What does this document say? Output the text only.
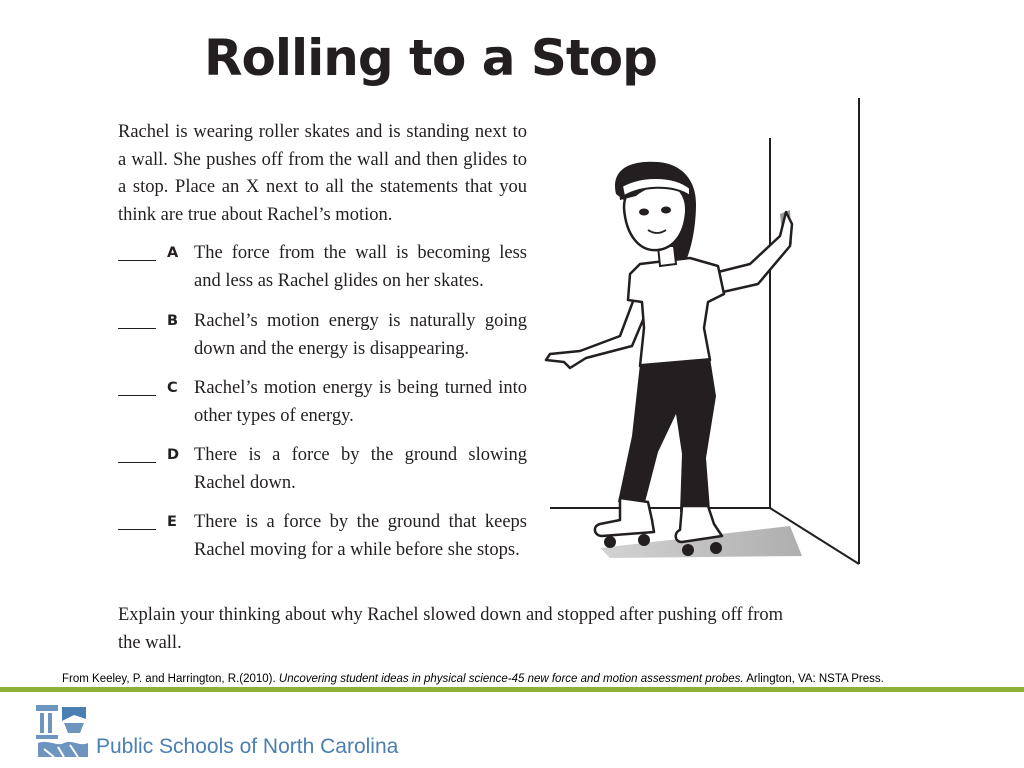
Rolling to a Stop
Rachel is wearing roller skates and is standing next to a wall. She pushes off from the wall and then glides to a stop. Place an X next to all the statements that you think are true about Rachel’s motion.
A The force from the wall is becoming less and less as Rachel glides on her skates.
B Rachel’s motion energy is naturally going down and the energy is disappearing.
C Rachel’s motion energy is being turned into other types of energy.
D There is a force by the ground slowing Rachel down.
E There is a force by the ground that keeps Rachel moving for a while before she stops.
Explain your thinking about why Rachel slowed down and stopped after pushing off from the wall.
From Keeley, P. and Harrington, R.(2010). Uncovering student ideas in physical science-45 new force and motion assessment probes. Arlington, VA: NSTA Press.
Public Schools of North Carolina
